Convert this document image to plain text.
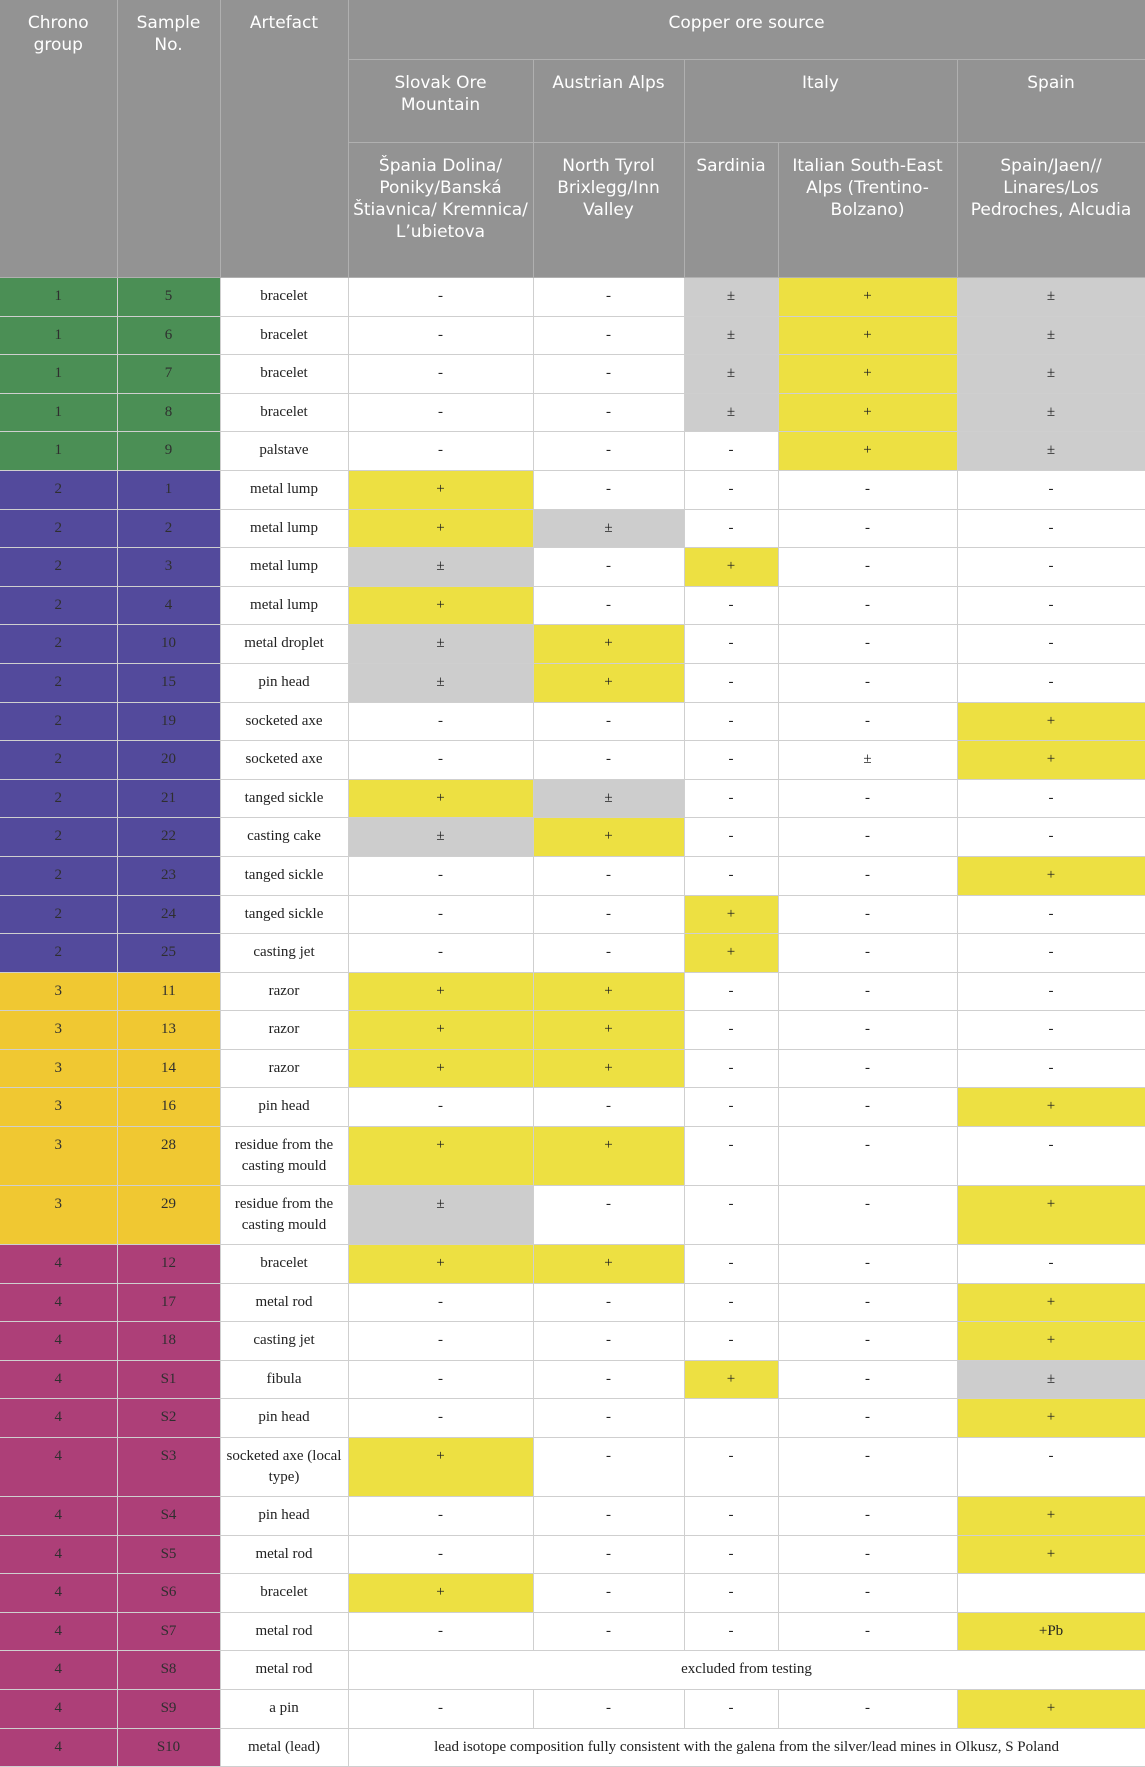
Chrono group	Sample No.	Artefact	Copper ore source				
			Slovak Ore Mountain	Austrian Alps	Italy		Spain
			Špania Dolina/ Poniky/Banská Štiavnica/ Kremnica/ L’ubietova	North Tyrol Brixlegg/Inn Valley	Sardinia	Italian South-East Alps (Trentino-Bolzano)	Spain/Jaen// Linares/Los Pedroches, Alcudia
1	5	bracelet	-	-	±	+	±
1	6	bracelet	-	-	±	+	±
1	7	bracelet	-	-	±	+	±
1	8	bracelet	-	-	±	+	±
1	9	palstave	-	-	-	+	±
2	1	metal lump	+	-	-	-	-
2	2	metal lump	+	±	-	-	-
2	3	metal lump	±	-	+	-	-
2	4	metal lump	+	-	-	-	-
2	10	metal droplet	±	+	-	-	-
2	15	pin head	±	+	-	-	-
2	19	socketed axe	-	-	-	-	+
2	20	socketed axe	-	-	-	±	+
2	21	tanged sickle	+	±	-	-	-
2	22	casting cake	±	+	-	-	-
2	23	tanged sickle	-	-	-	-	+
2	24	tanged sickle	-	-	+	-	-
2	25	casting jet	-	-	+	-	-
3	11	razor	+	+	-	-	-
3	13	razor	+	+	-	-	-
3	14	razor	+	+	-	-	-
3	16	pin head	-	-	-	-	+
3	28	residue from the casting mould	+	+	-	-	-
3	29	residue from the casting mould	±	-	-	-	+
4	12	bracelet	+	+	-	-	-
4	17	metal rod	-	-	-	-	+
4	18	casting jet	-	-	-	-	+
4	S1	fibula	-	-	+	-	±
4	S2	pin head	-	-		-	+
4	S3	socketed axe (local type)	+	-	-	-	-
4	S4	pin head	-	-	-	-	+
4	S5	metal rod	-	-	-	-	+
4	S6	bracelet	+	-	-	-	
4	S7	metal rod	-	-	-	-	+Pb
4	S8	metal rod	excluded from testing				
4	S9	a pin	-	-	-	-	+
4	S10	metal (lead)	lead isotope composition fully consistent with the galena from the silver/lead mines in Olkusz, S Poland				
